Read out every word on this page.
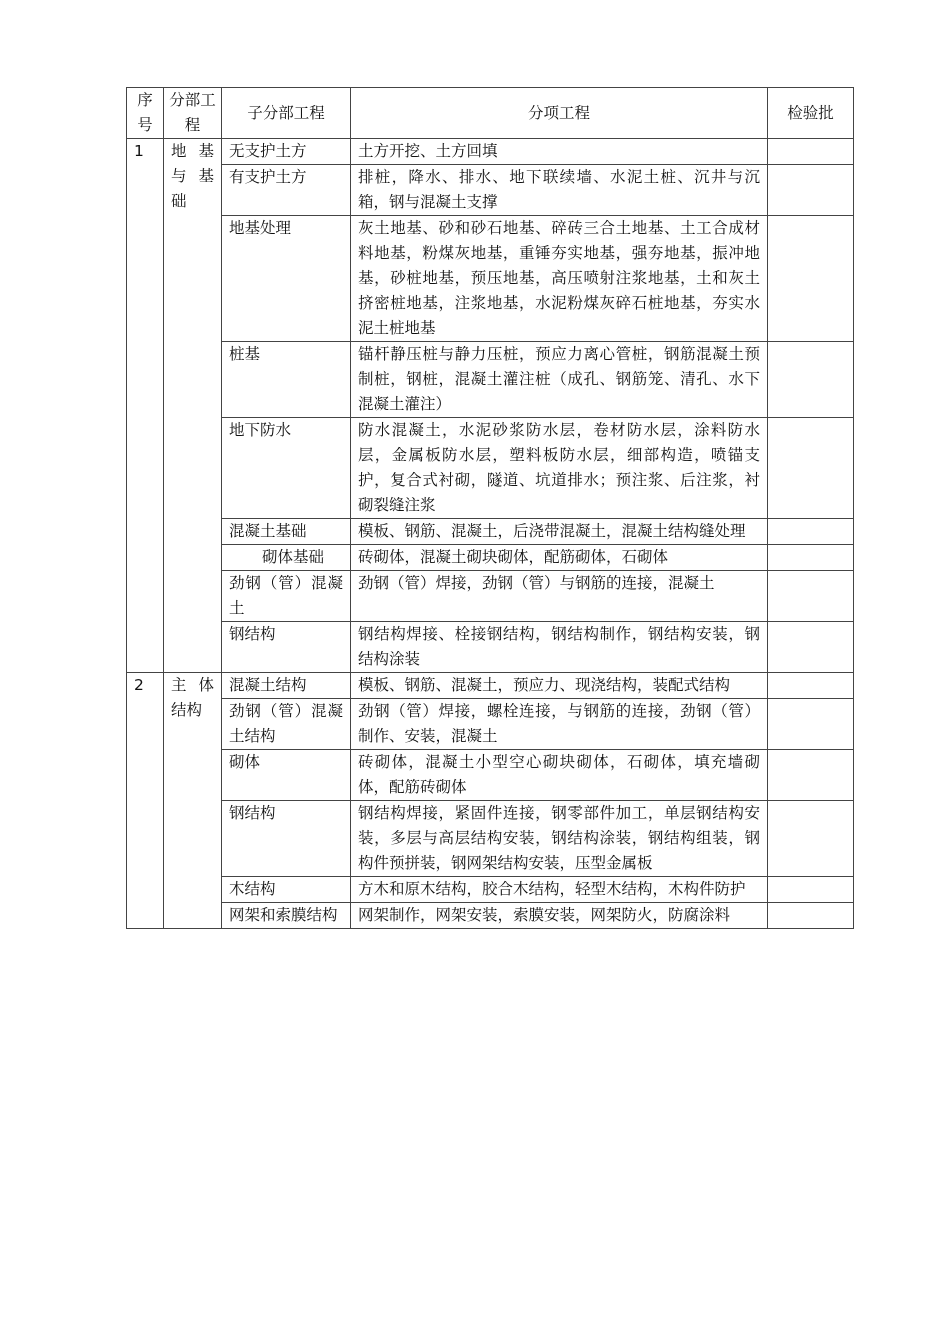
序号	分部工程	子分部工程	分项工程	检验批
1	地基与基础	无支护土方	土方开挖、土方回填	
		有支护土方	排桩，降水、排水、地下联续墙、水泥土桩、沉井与沉箱，钢与混凝土支撑	
		地基处理	灰土地基、砂和砂石地基、碎砖三合土地基、土工合成材料地基，粉煤灰地基，重锤夯实地基，强夯地基，振冲地基，砂桩地基，预压地基，高压喷射注浆地基，土和灰土挤密桩地基，注浆地基，水泥粉煤灰碎石桩地基，夯实水泥土桩地基	
		桩基	锚杆静压桩与静力压桩，预应力离心管桩，钢筋混凝土预制桩，钢桩，混凝土灌注桩（成孔、钢筋笼、清孔、水下混凝土灌注）	
		地下防水	防水混凝土，水泥砂浆防水层，卷材防水层，涂料防水层，金属板防水层，塑料板防水层，细部构造，喷锚支护，复合式衬砌，隧道、坑道排水；预注浆、后注浆，衬砌裂缝注浆	
		混凝土基础	模板、钢筋、混凝土，后浇带混凝土，混凝土结构缝处理	
		砌体基础	砖砌体，混凝土砌块砌体，配筋砌体，石砌体	
		劲钢（管）混凝土	劲钢（管）焊接，劲钢（管）与钢筋的连接，混凝土	
		钢结构	钢结构焊接、栓接钢结构，钢结构制作，钢结构安装，钢结构涂装	
2	主体结构	混凝土结构	模板、钢筋、混凝土，预应力、现浇结构，装配式结构	
		劲钢（管）混凝土结构	劲钢（管）焊接，螺栓连接，与钢筋的连接，劲钢（管）制作、安装，混凝土	
		砌体	砖砌体，混凝土小型空心砌块砌体，石砌体，填充墙砌体，配筋砖砌体	
		钢结构	钢结构焊接，紧固件连接，钢零部件加工，单层钢结构安装，多层与高层结构安装，钢结构涂装，钢结构组装，钢构件预拼装，钢网架结构安装，压型金属板	
		木结构	方木和原木结构，胶合木结构，轻型木结构，木构件防护	
		网架和索膜结构	网架制作，网架安装，索膜安装，网架防火，防腐涂料	
